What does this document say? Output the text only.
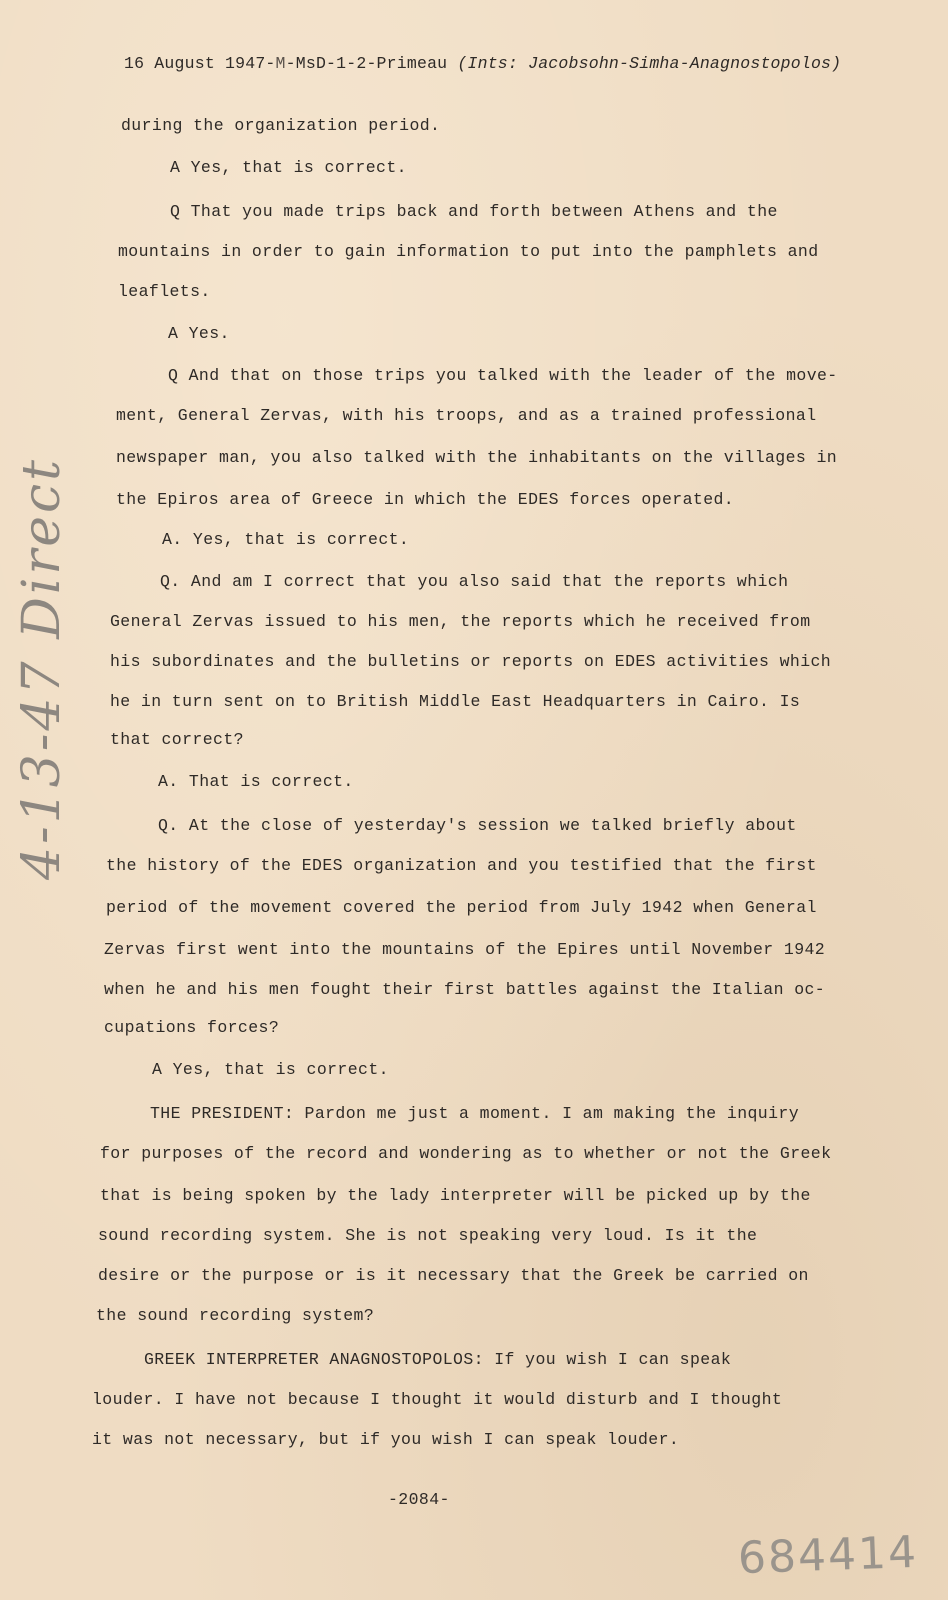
16 August 1947-M-MsD-1-2-Primeau (Ints: Jacobsohn-Simha-Anagnostopolos)
during the organization period.
A Yes, that is correct.
Q That you made trips back and forth between Athens and the
mountains in order to gain information to put into the pamphlets and
leaflets.
A Yes.
Q And that on those trips you talked with the leader of the move-
ment, General Zervas, with his troops, and as a trained professional
newspaper man, you also talked with the inhabitants on the villages in
the Epiros area of Greece in which the EDES forces operated.
A. Yes, that is correct.
Q. And am I correct that you also said that the reports which
General Zervas issued to his men, the reports which he received from
his subordinates and the bulletins or reports on EDES activities which
he in turn sent on to British Middle East Headquarters in Cairo. Is
that correct?
A. That is correct.
Q. At the close of yesterday's session we talked briefly about
the history of the EDES organization and you testified that the first
period of the movement covered the period from July 1942 when General
Zervas first went into the mountains of the Epires until November 1942
when he and his men fought their first battles against the Italian oc-
cupations forces?
A Yes, that is correct.
THE PRESIDENT: Pardon me just a moment. I am making the inquiry
for purposes of the record and wondering as to whether or not the Greek
that is being spoken by the lady interpreter will be picked up by the
sound recording system. She is not speaking very loud. Is it the
desire or the purpose or is it necessary that the Greek be carried on
the sound recording system?
GREEK INTERPRETER ANAGNOSTOPOLOS: If you wish I can speak
louder. I have not because I thought it would disturb and I thought
it was not necessary, but if you wish I can speak louder.
-2084-
4-13-47 Direct
684414
